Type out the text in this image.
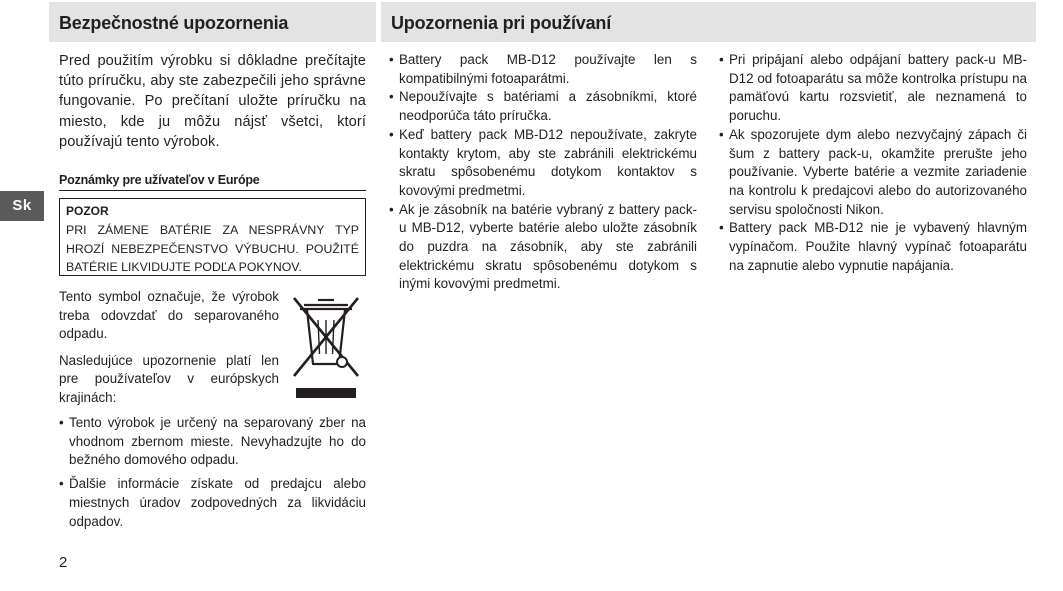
Sk
Bezpečnostné upozornenia	Upozornenia pri používaní
Pred použitím výrobku si dôkladne prečítajte túto príručku, aby ste zabezpečili jeho správne fungovanie. Po prečítaní uložte príručku na miesto, kde ju môžu nájsť všetci, ktorí používajú tento výrobok.
Poznámky pre užívateľov v Európe
POZOR
PRI ZÁMENE BATÉRIE ZA NESPRÁVNY TYP HROZÍ NEBEZPEČENSTVO VÝBUCHU. POUŽITÉ BATÉRIE LIKVIDUJTE PODĽA POKYNOV.

Tento symbol označuje, že výrobok treba odovzdať do separovaného odpadu.

Nasledujúce upozornenie platí len pre používateľov v európskych krajinách:

• Tento výrobok je určený na separovaný zber na vhodnom zbernom mieste. Nevyhadzujte ho do bežného domového odpadu.
• Ďalšie informácie získate od predajcu alebo miestnych úradov zodpovedných za likvidáciu odpadov.
• Battery pack MB-D12 používajte len s kompatibilnými fotoaparátmi.
• Nepoužívajte s batériami a zásobníkmi, ktoré neodporúča táto príručka.
• Keď battery pack MB-D12 nepoužívate, zakryte kontakty krytom, aby ste zabránili elektrickému skratu spôsobenému dotykom kontaktov s kovovými predmetmi.
• Ak je zásobník na batérie vybraný z battery pack-u MB-D12, vyberte batérie alebo uložte zásobník do puzdra na zásobník, aby ste zabránili elektrickému skratu spôsobenému dotykom s inými kovovými predmetmi.
• Pri pripájaní alebo odpájaní battery pack-u MB-D12 od fotoaparátu sa môže kontrolka prístupu na pamäťovú kartu rozsvietiť, ale neznamená to poruchu.
• Ak spozorujete dym alebo nezvyčajný zápach či šum z battery pack-u, okamžite prerušte jeho používanie. Vyberte batérie a vezmite zariadenie na kontrolu k predajcovi alebo do autorizovaného servisu spoločnosti Nikon.
• Battery pack MB-D12 nie je vybavený hlavným vypínačom. Použite hlavný vypínač fotoaparátu na zapnutie alebo vypnutie napájania.
2
